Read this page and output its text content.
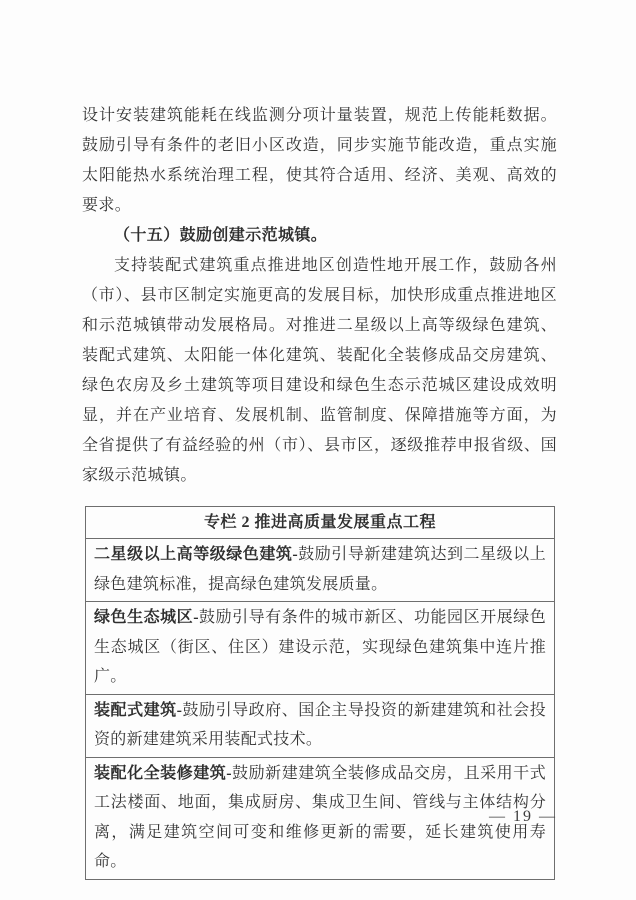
设计安装建筑能耗在线监测分项计量装置，规范上传能耗数据。鼓励引导有条件的老旧小区改造，同步实施节能改造，重点实施太阳能热水系统治理工程，使其符合适用、经济、美观、高效的要求。

（十五）鼓励创建示范城镇。

支持装配式建筑重点推进地区创造性地开展工作，鼓励各州（市）、县市区制定实施更高的发展目标，加快形成重点推进地区和示范城镇带动发展格局。对推进二星级以上高等级绿色建筑、装配式建筑、太阳能一体化建筑、装配化全装修成品交房建筑、绿色农房及乡土建筑等项目建设和绿色生态示范城区建设成效明显，并在产业培育、发展机制、监管制度、保障措施等方面，为全省提供了有益经验的州（市）、县市区，逐级推荐申报省级、国家级示范城镇。

专栏 2 推进高质量发展重点工程
二星级以上高等级绿色建筑-鼓励引导新建建筑达到二星级以上绿色建筑标准，提高绿色建筑发展质量。
绿色生态城区-鼓励引导有条件的城市新区、功能园区开展绿色生态城区（街区、住区）建设示范，实现绿色建筑集中连片推广。
装配式建筑-鼓励引导政府、国企主导投资的新建建筑和社会投资的新建建筑采用装配式技术。
装配化全装修建筑-鼓励新建建筑全装修成品交房，且采用干式工法楼面、地面，集成厨房、集成卫生间、管线与主体结构分离，满足建筑空间可变和维修更新的需要，延长建筑使用寿命。
— 19 —
